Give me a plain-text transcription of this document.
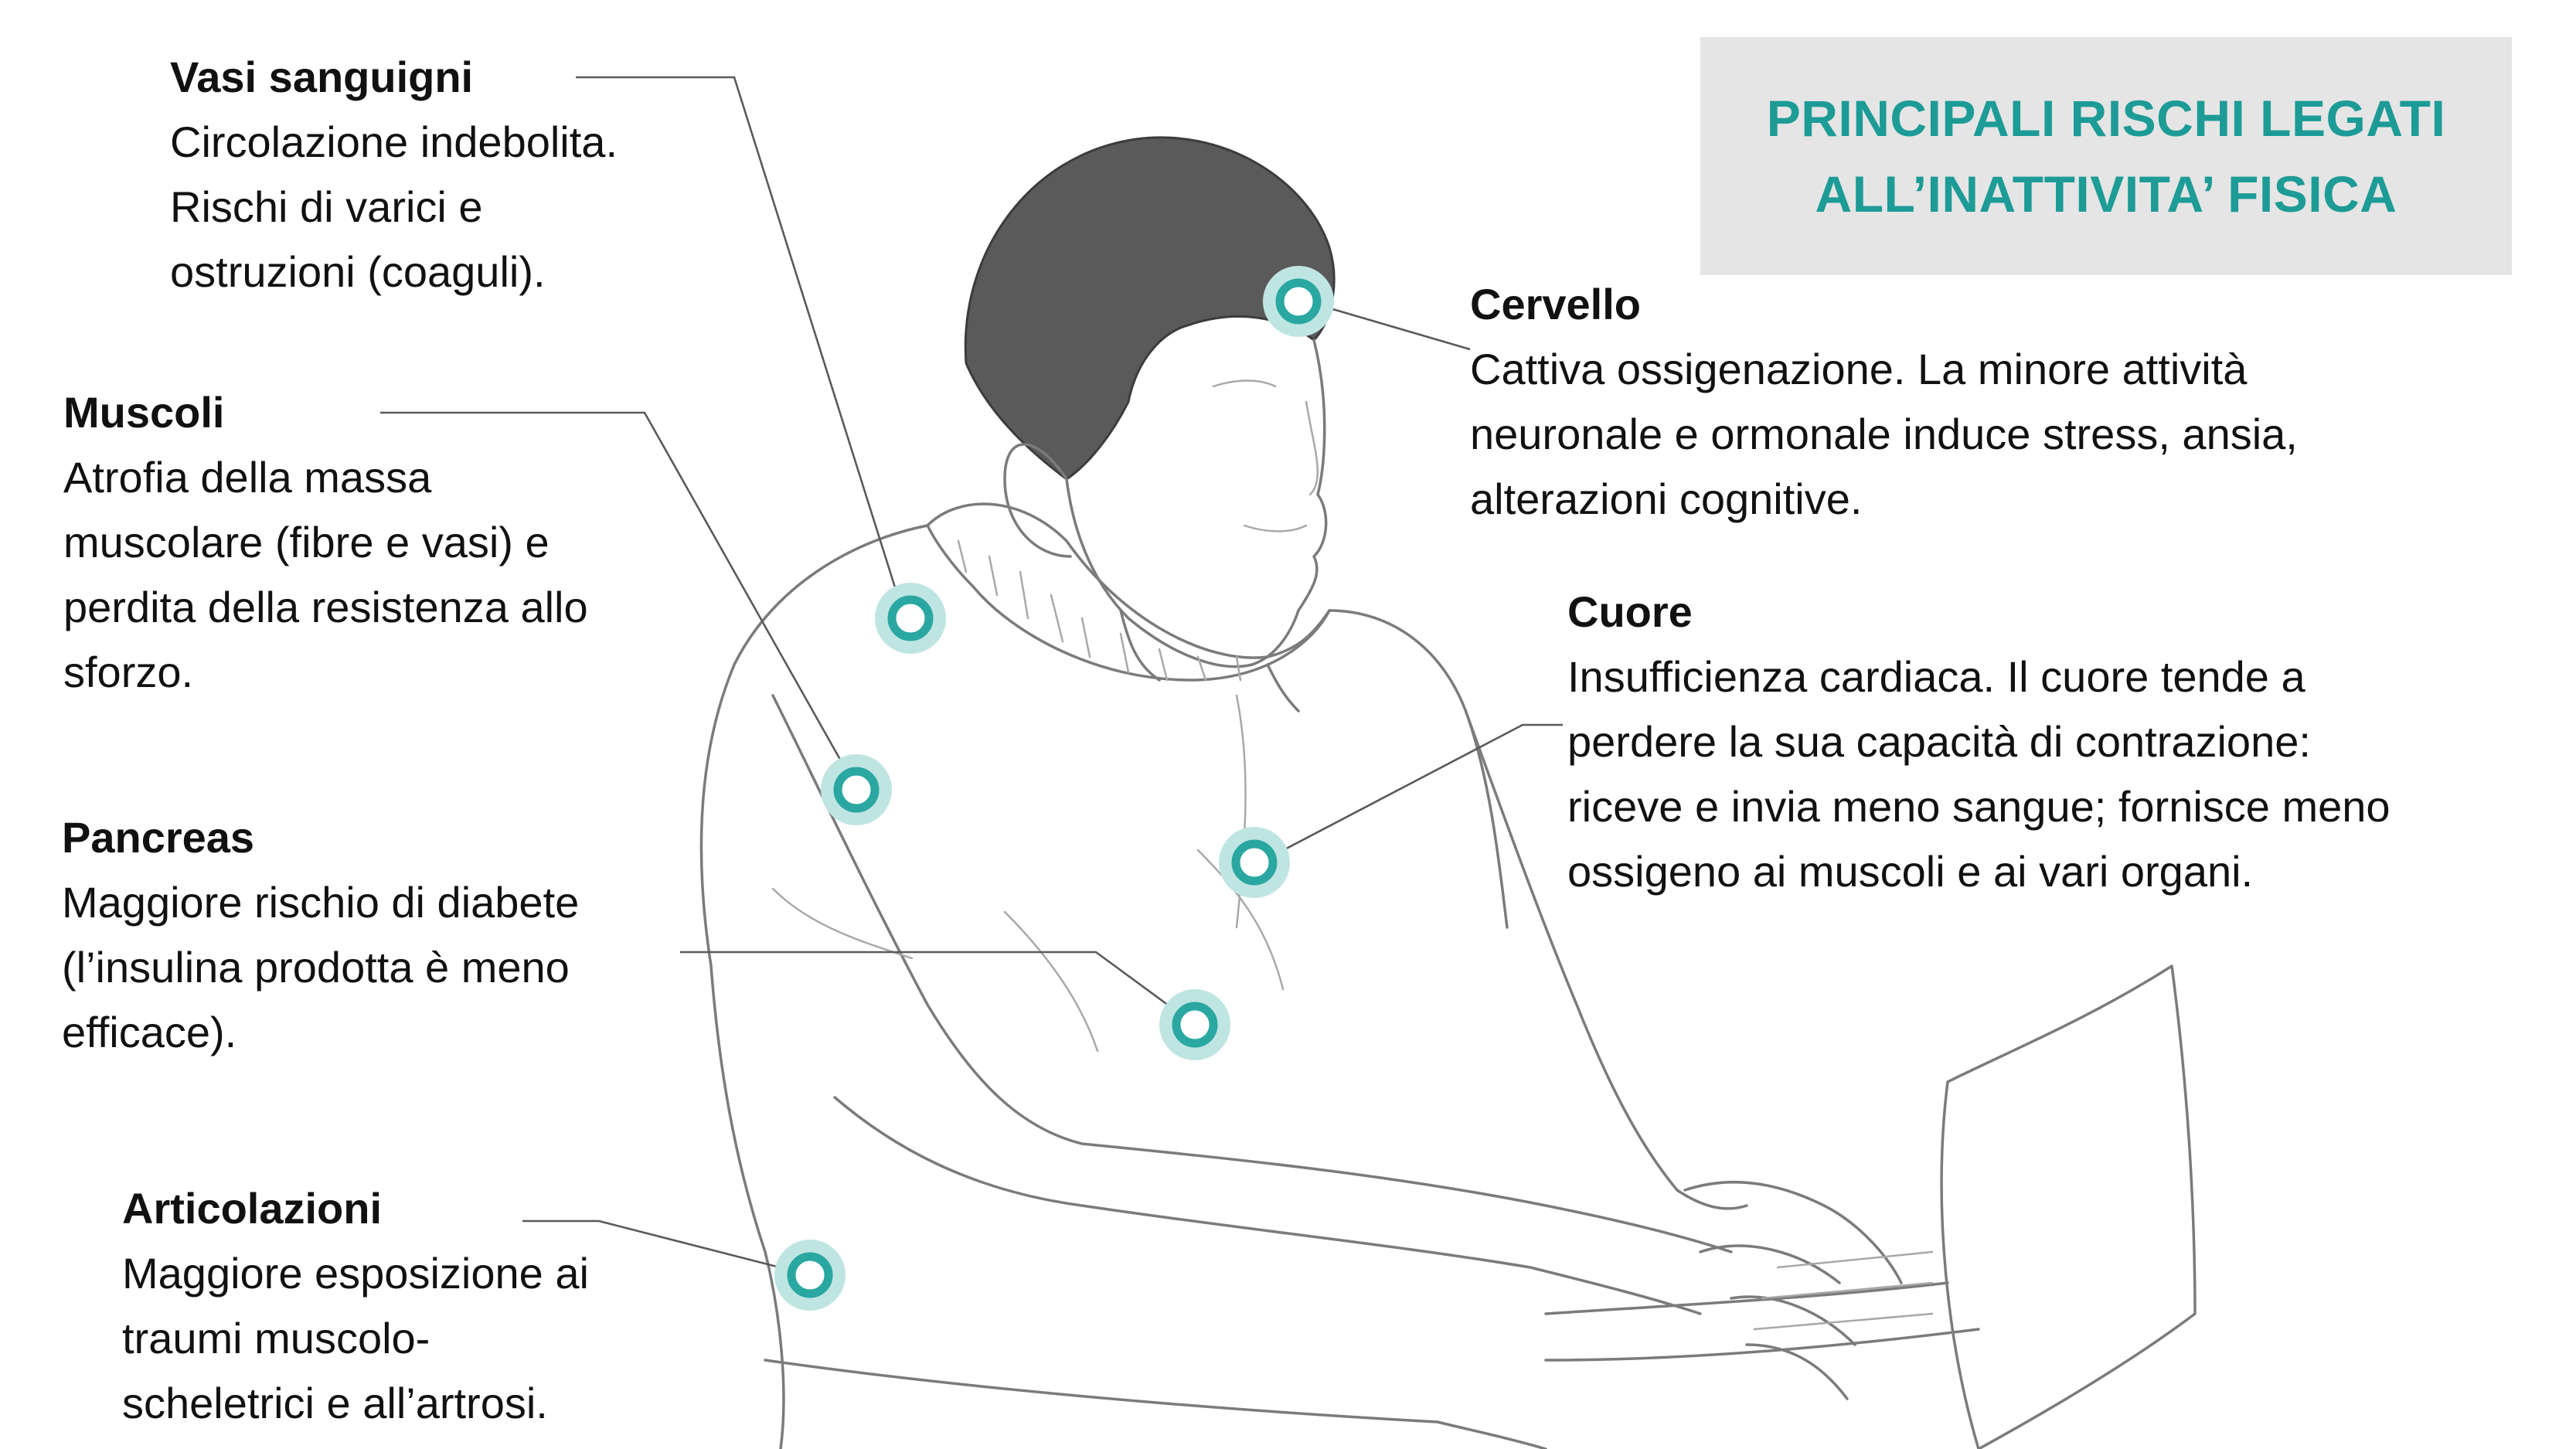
PRINCIPALI RISCHI LEGATI
ALL’INATTIVITA’ FISICA
Vasi sanguigni
Circolazione indebolita.
Rischi di varici e
ostruzioni (coaguli).
Muscoli
Atrofia della massa
muscolare (fibre e vasi) e
perdita della resistenza allo
sforzo.
Pancreas
Maggiore rischio di diabete
(l’insulina prodotta è meno
efficace).
Articolazioni
Maggiore esposizione ai
traumi muscolo-
scheletrici e all’artrosi.
Cervello
Cattiva ossigenazione. La minore attività
neuronale e ormonale induce stress, ansia,
alterazioni cognitive.
Cuore
Insufficienza cardiaca. Il cuore tende a
perdere la sua capacità di contrazione:
riceve e invia meno sangue; fornisce meno
ossigeno ai muscoli e ai vari organi.
